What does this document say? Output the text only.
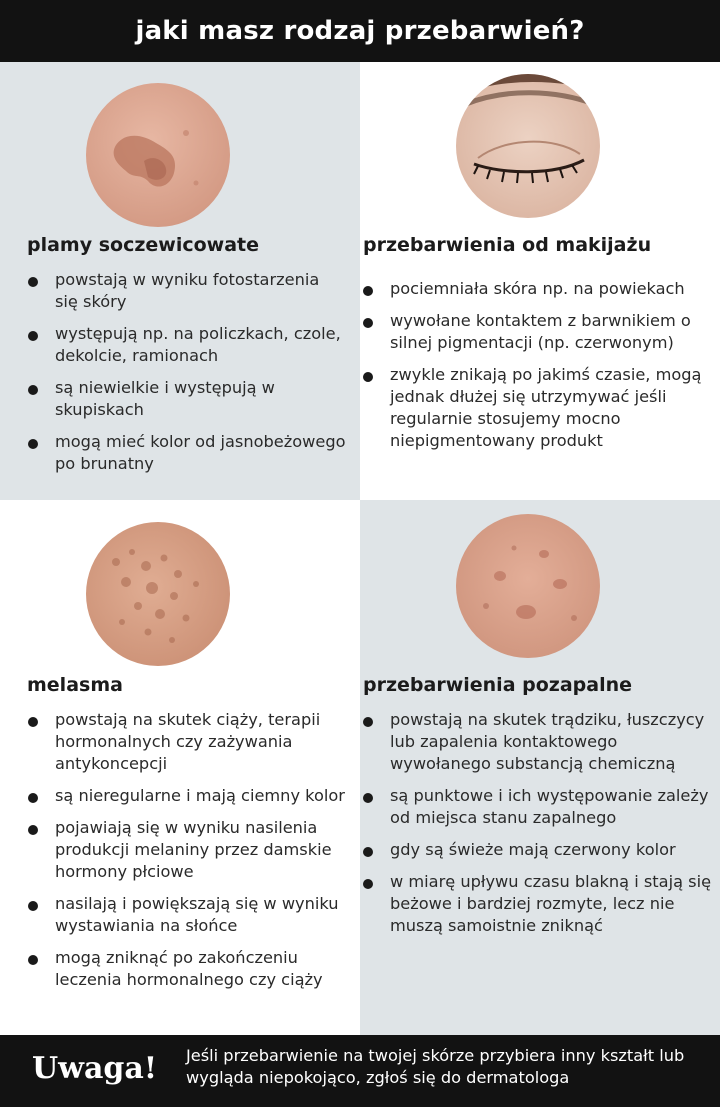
jaki masz rodzaj przebarwień?
plamy soczewicowate
powstają w wyniku fotostarzenia się skóry
występują np. na policzkach, czole, dekolcie, ramionach
są niewielkie i występują w skupiskach
mogą mieć kolor od jasnobeżowego po brunatny
przebarwienia od makijażu
pociemniała skóra np. na powiekach
wywołane kontaktem z barwnikiem o silnej pigmentacji (np. czerwonym)
zwykle znikają po jakimś czasie, mogą jednak dłużej się utrzymywać jeśli regularnie stosujemy mocno niepigmentowany produkt
melasma
powstają na skutek ciąży, terapii hormonalnych czy zażywania antykoncepcji
są nieregularne i mają ciemny kolor
pojawiają się w wyniku nasilenia produkcji melaniny przez damskie hormony płciowe
nasilają i powiększają się w wyniku wystawiania na słońce
mogą zniknąć po zakończeniu leczenia hormonalnego czy ciąży
przebarwienia pozapalne
powstają na skutek trądziku, łuszczycy lub zapalenia kontaktowego wywołanego substancją chemiczną
są punktowe i ich występowanie zależy od miejsca stanu zapalnego
gdy są świeże mają czerwony kolor
w miarę upływu czasu blakną i stają się beżowe i bardziej rozmyte, lecz nie muszą samoistnie zniknąć
Uwaga! Jeśli przebarwienie na twojej skórze przybiera inny kształt lub wygląda niepokojąco, zgłoś się do dermatologa
